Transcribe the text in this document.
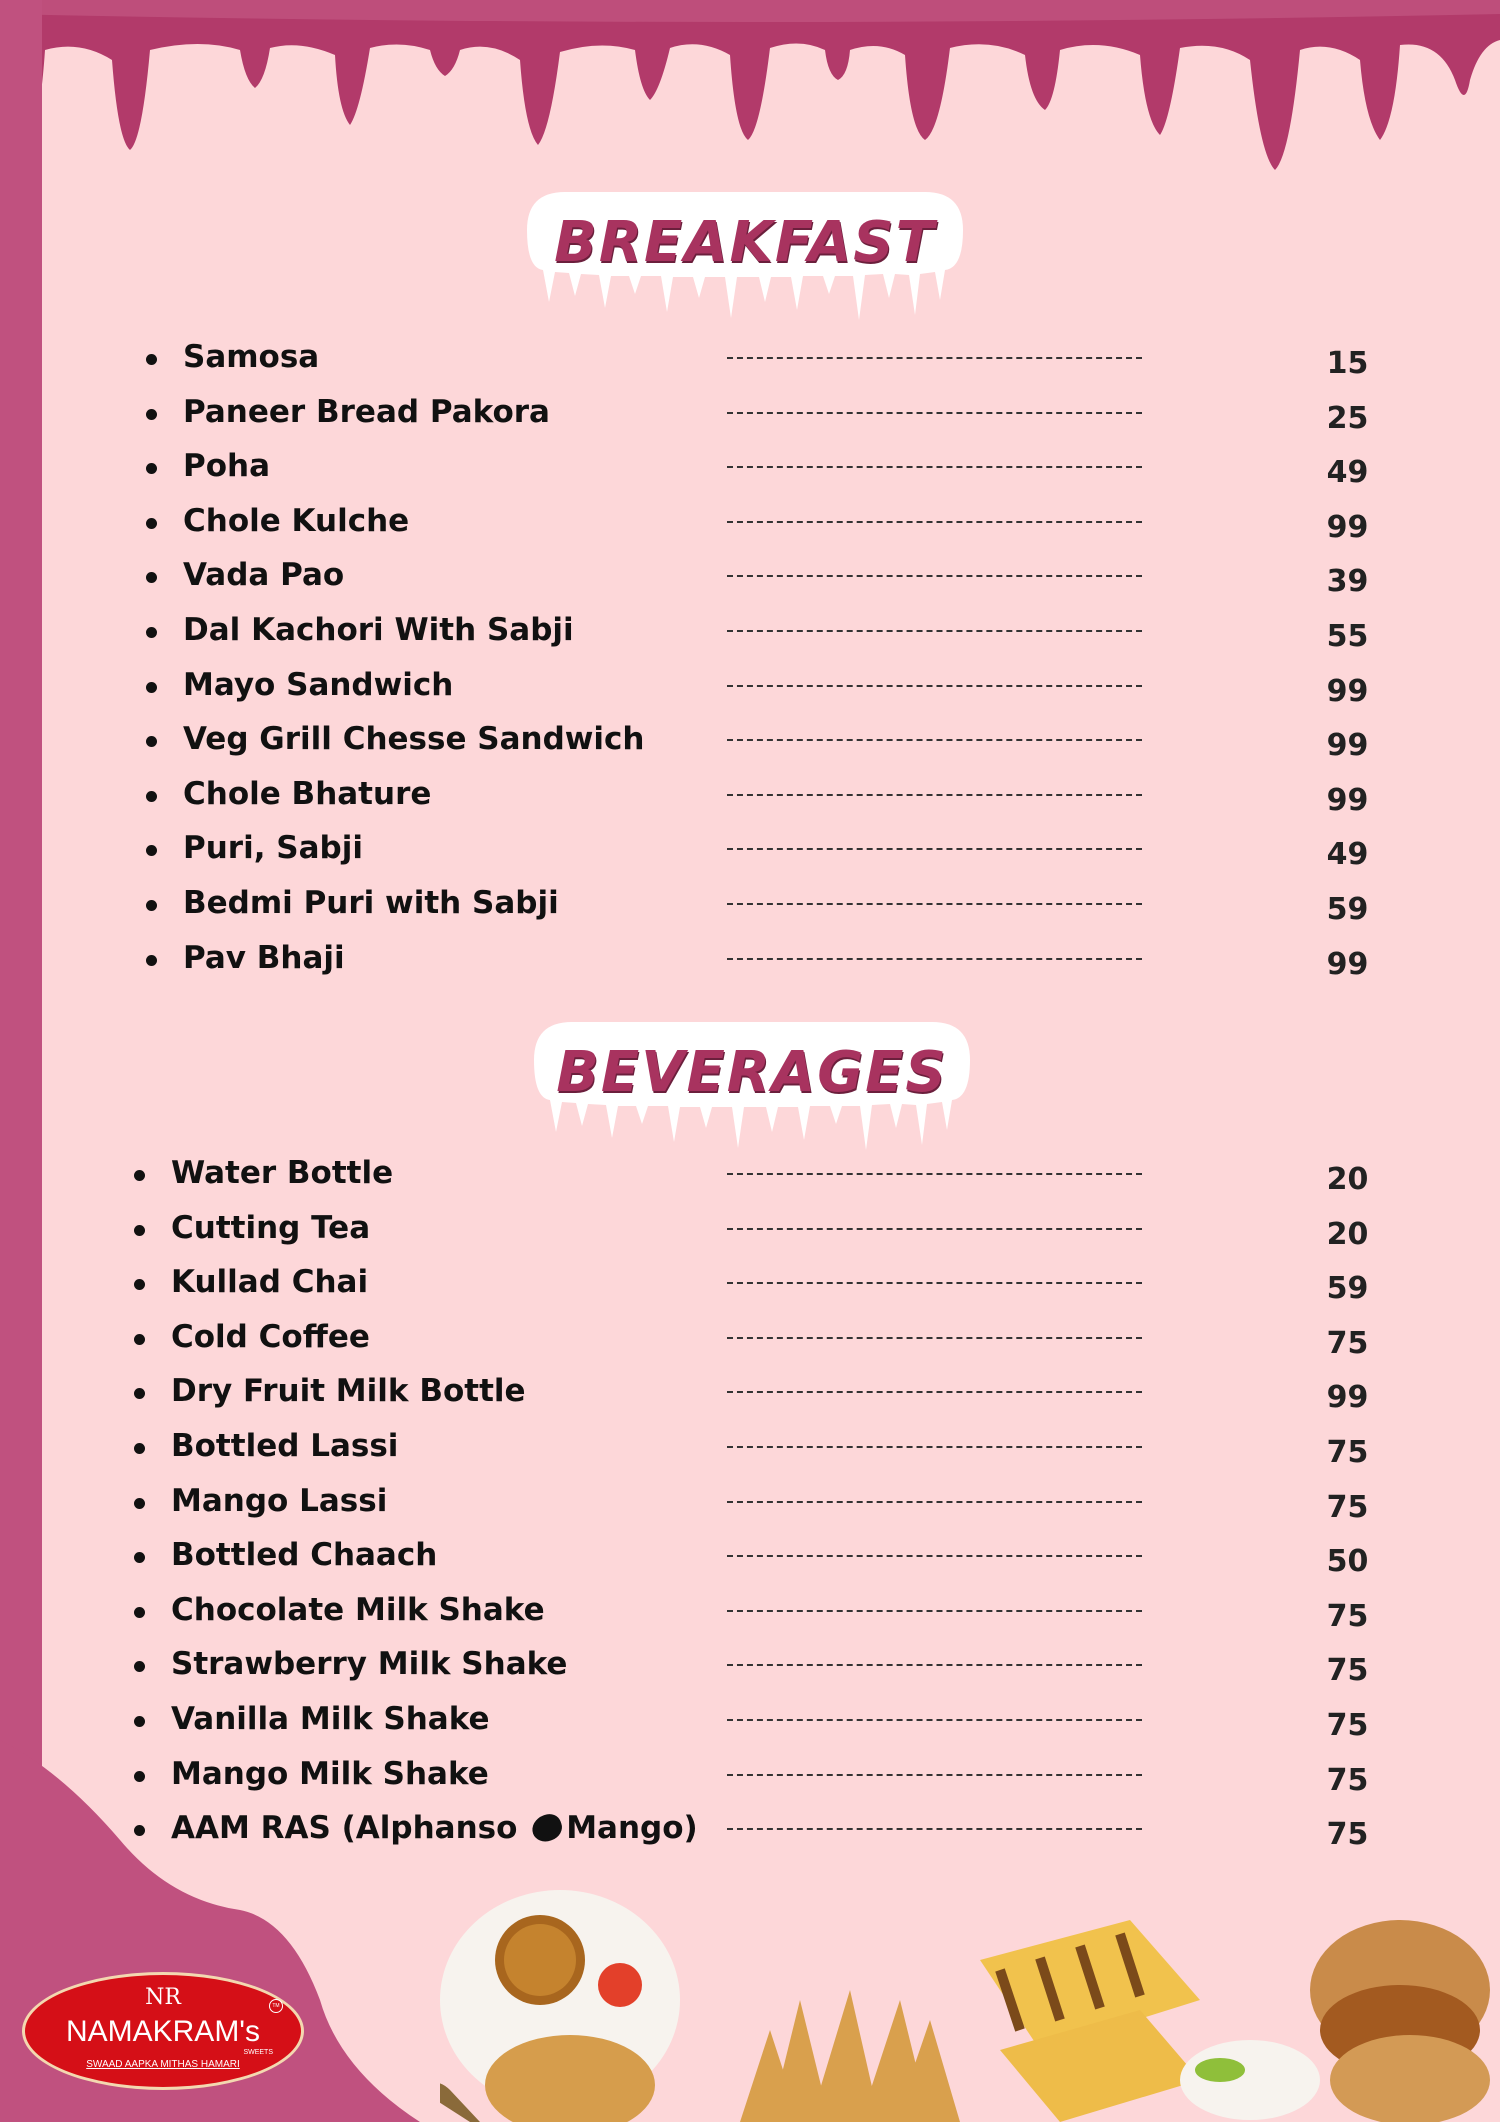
BREAKFAST
Samosa	15
Paneer Bread Pakora	25
Poha	49
Chole Kulche	99
Vada Pao	39
Dal Kachori With Sabji	55
Mayo Sandwich	99
Veg Grill Chesse Sandwich	99
Chole Bhature	99
Puri, Sabji	49
Bedmi Puri with Sabji	59
Pav Bhaji	99
BEVERAGES
Water Bottle	20
Cutting Tea	20
Kullad Chai	59
Cold Coffee	75
Dry Fruit Milk Bottle	99
Bottled Lassi	75
Mango Lassi	75
Bottled Chaach	50
Chocolate Milk Shake	75
Strawberry Milk Shake	75
Vanilla Milk Shake	75
Mango Milk Shake	75
AAM RAS (Alphanso Mango)	75
NR
NAMAKRAM's
SWEETS
SWAAD AAPKA MITHAS HAMARI
TM
